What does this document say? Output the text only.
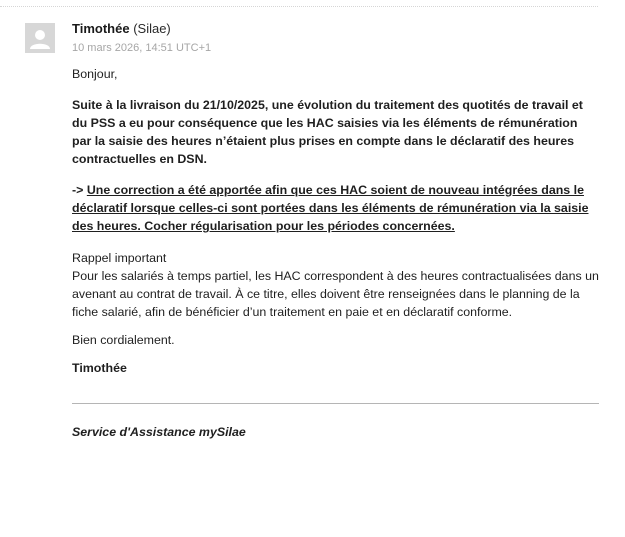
Timothée (Silae)

10 mars 2026, 14:51 UTC+1

Bonjour,

Suite à la livraison du 21/10/2025, une évolution du traitement des quotités de travail et du PSS a eu pour conséquence que les HAC saisies via les éléments de rémunération par la saisie des heures n’étaient plus prises en compte dans le déclaratif des heures contractuelles en DSN.

-> Une correction a été apportée afin que ces HAC soient de nouveau intégrées dans le déclaratif lorsque celles-ci sont portées dans les éléments de rémunération via la saisie des heures. Cocher régularisation pour les périodes concernées.

Rappel important

Pour les salariés à temps partiel, les HAC correspondent à des heures contractualisées dans un avenant au contrat de travail. À ce titre, elles doivent être renseignées dans le planning de la fiche salarié, afin de bénéficier d’un traitement en paie et en déclaratif conforme.

Bien cordialement.

Timothée

Service d'Assistance mySilae
